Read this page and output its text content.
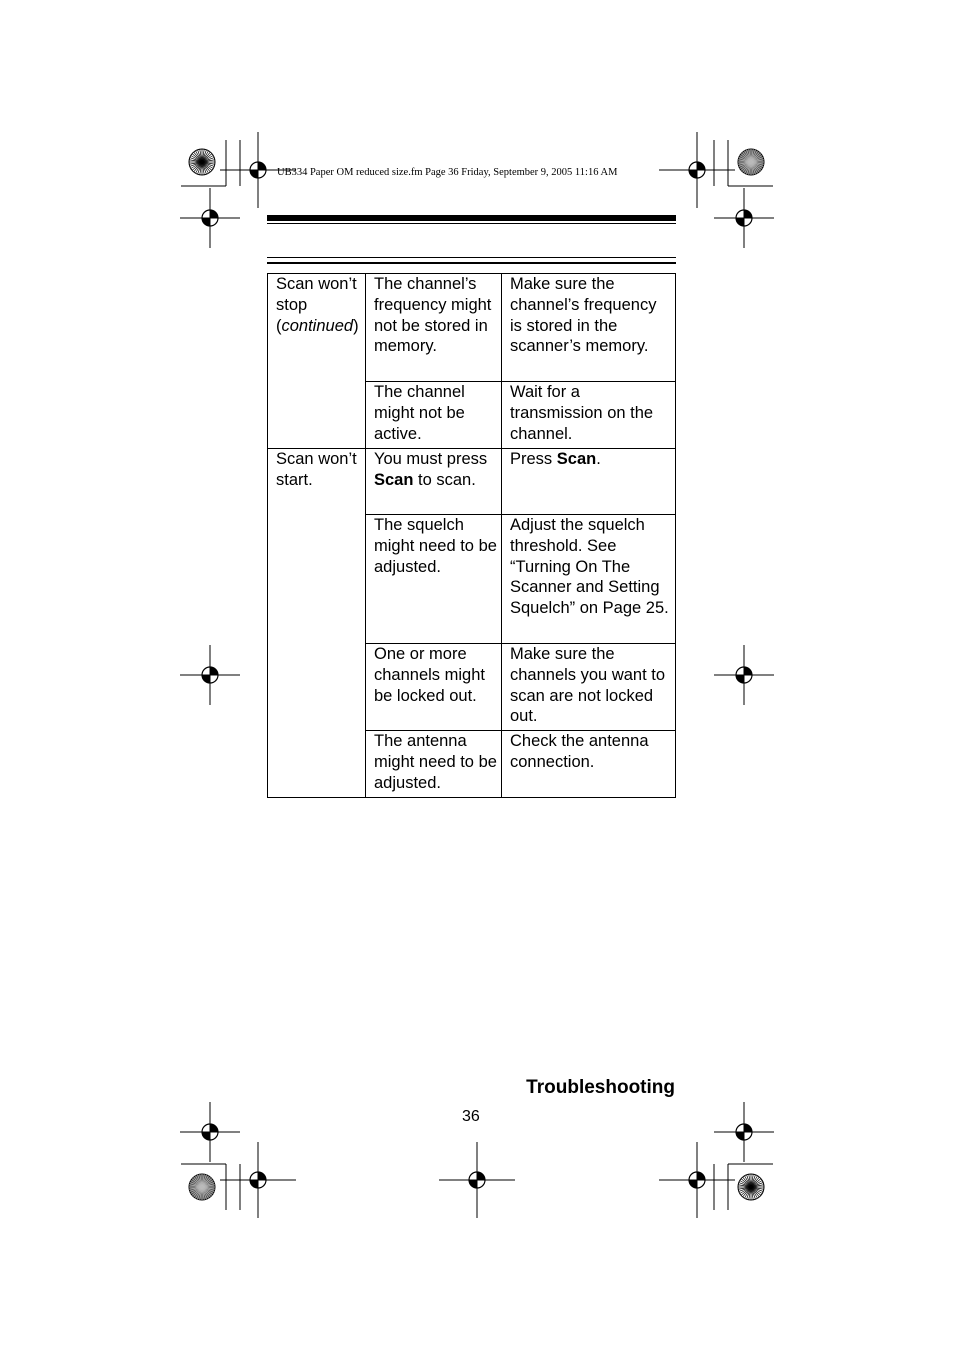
UB334 Paper OM reduced size.fm Page 36 Friday, September 9, 2005 11:16 AM
Scan won’t stop (continued)	The channel’s frequency might not be stored in memory.	Make sure the channel’s frequency is stored in the scanner’s memory.

	The channel might not be active.	Wait for a transmission on the channel.

Scan won’t start.	You must press Scan to scan.	Press Scan.

	The squelch might need to be adjusted.	Adjust the squelch threshold. See “Turning On The Scanner and Setting Squelch” on Page 25.

	One or more channels might be locked out.	Make sure the channels you want to scan are not locked out.

	The antenna might need to be adjusted.	Check the antenna connection.
Troubleshooting
36
